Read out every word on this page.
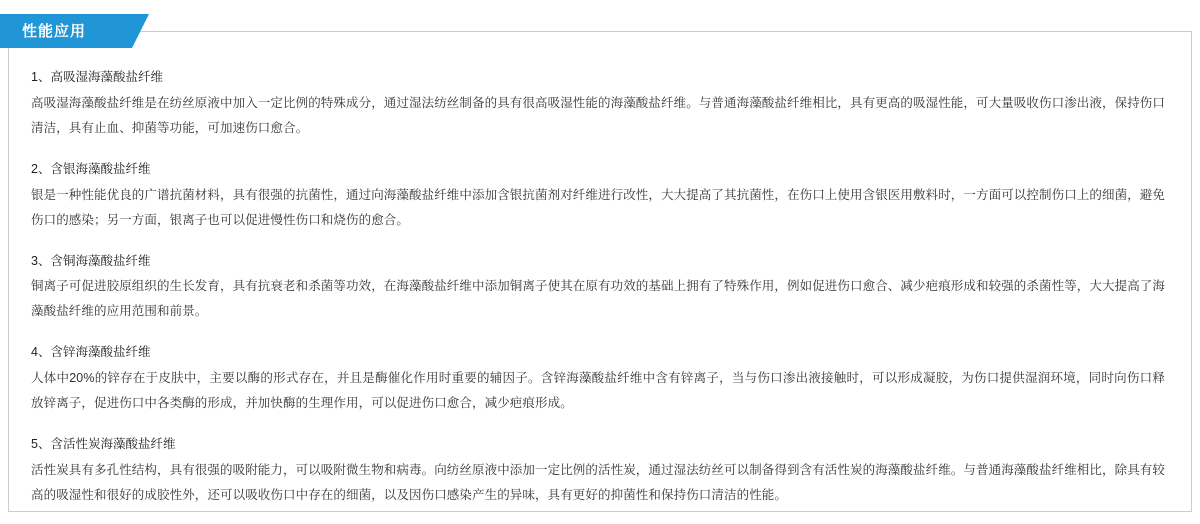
性能应用

1、高吸湿海藻酸盐纤维

高吸湿海藻酸盐纤维是在纺丝原液中加入一定比例的特殊成分，通过湿法纺丝制备的具有很高吸湿性能的海藻酸盐纤维。与普通海藻酸盐纤维相比，具有更高的吸湿性能，可大量吸收伤口渗出液，保持伤口清洁，具有止血、抑菌等功能，可加速伤口愈合。

2、含银海藻酸盐纤维

银是一种性能优良的广谱抗菌材料，具有很强的抗菌性，通过向海藻酸盐纤维中添加含银抗菌剂对纤维进行改性，大大提高了其抗菌性，在伤口上使用含银医用敷料时，一方面可以控制伤口上的细菌，避免伤口的感染；另一方面，银离子也可以促进慢性伤口和烧伤的愈合。

3、含铜海藻酸盐纤维

铜离子可促进胶原组织的生长发育，具有抗衰老和杀菌等功效，在海藻酸盐纤维中添加铜离子使其在原有功效的基础上拥有了特殊作用，例如促进伤口愈合、减少疤痕形成和较强的杀菌性等，大大提高了海藻酸盐纤维的应用范围和前景。

4、含锌海藻酸盐纤维

人体中20%的锌存在于皮肤中，主要以酶的形式存在，并且是酶催化作用时重要的辅因子。含锌海藻酸盐纤维中含有锌离子，当与伤口渗出液接触时，可以形成凝胶，为伤口提供湿润环境，同时向伤口释放锌离子，促进伤口中各类酶的形成，并加快酶的生理作用，可以促进伤口愈合，减少疤痕形成。

5、含活性炭海藻酸盐纤维

活性炭具有多孔性结构，具有很强的吸附能力，可以吸附微生物和病毒。向纺丝原液中添加一定比例的活性炭，通过湿法纺丝可以制备得到含有活性炭的海藻酸盐纤维。与普通海藻酸盐纤维相比，除具有较高的吸湿性和很好的成胶性外，还可以吸收伤口中存在的细菌，以及因伤口感染产生的异味，具有更好的抑菌性和保持伤口清洁的性能。
